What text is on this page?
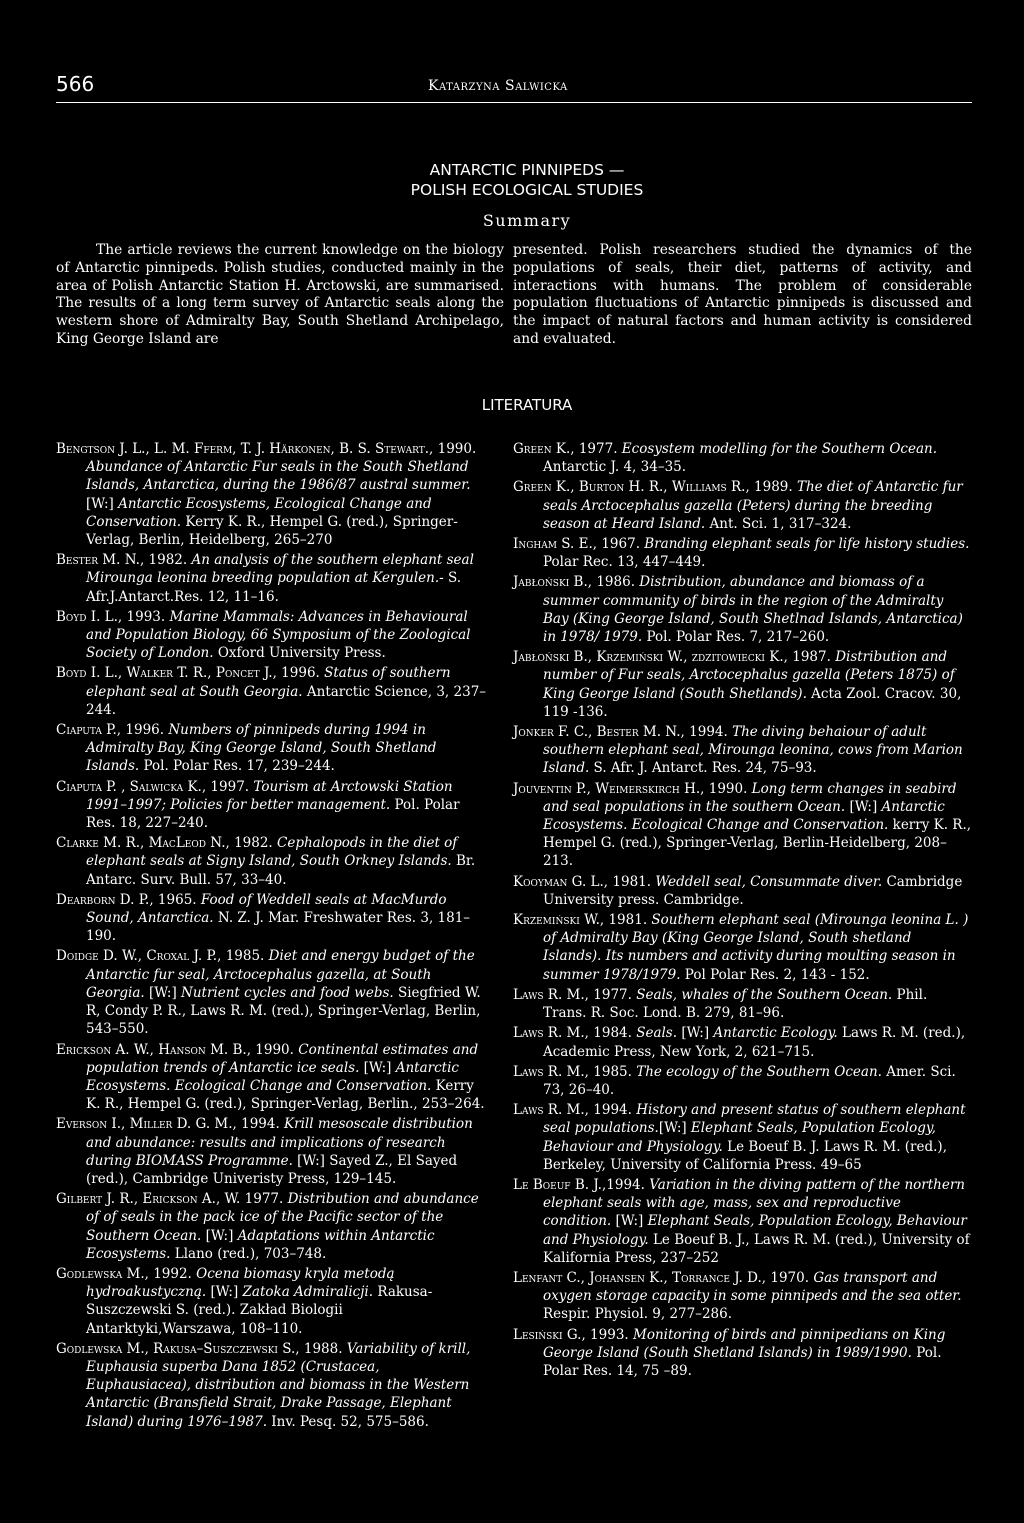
566	Katarzyna Salwicka
ANTARCTIC PINNIPEDS —
POLISH ECOLOGICAL STUDIES
Summary
The article reviews the current knowledge on the biology of Antarctic pinnipeds. Polish studies, conducted mainly in the area of Polish Antarctic Station H. Arctowski, are summarised. The results of a long term survey of Antarctic seals along the western shore of Admiralty Bay, South Shetland Archipelago, King George Island are
presented. Polish researchers studied the dynamics of the populations of seals, their diet, patterns of activity, and interactions with humans. The problem of considerable population fluctuations of Antarctic pinnipeds is discussed and the impact of natural factors and human activity is considered and evaluated.
LITERATURA
Bengtson J. L., L. M. Fferm, T. J. Härkonen, B. S. Stewart., 1990. Abundance of Antarctic Fur seals in the South Shetland Islands, Antarctica, during the 1986/87 austral summer. [W:] Antarctic Ecosystems, Ecological Change and Conservation. Kerry K. R., Hempel G. (red.), Springer-Verlag, Berlin, Heidelberg, 265–270
Bester M. N., 1982. An analysis of the southern elephant seal Mirounga leonina breeding population at Kergulen.- S. Afr.J.Antarct.Res. 12, 11–16.
Boyd I. L., 1993. Marine Mammals: Advances in Behavioural and Population Biology, 66 Symposium of the Zoological Society of London. Oxford University Press.
Boyd I. L., Walker T. R., Poncet J., 1996. Status of southern elephant seal at South Georgia. Antarctic Science, 3, 237–244.
Ciaputa P., 1996. Numbers of pinnipeds during 1994 in Admiralty Bay, King George Island, South Shetland Islands. Pol. Polar Res. 17, 239–244.
Ciaputa P. , Salwicka K., 1997. Tourism at Arctowski Station 1991–1997; Policies for better management. Pol. Polar Res. 18, 227–240.
Clarke M. R., MacLeod N., 1982. Cephalopods in the diet of elephant seals at Signy Island, South Orkney Islands. Br. Antarc. Surv. Bull. 57, 33–40.
Dearborn D. P., 1965. Food of Weddell seals at MacMurdo Sound, Antarctica. N. Z. J. Mar. Freshwater Res. 3, 181–190.
Doidge D. W., Croxal J. P., 1985. Diet and energy budget of the Antarctic fur seal, Arctocephalus gazella, at South Georgia. [W:] Nutrient cycles and food webs. Siegfried W. R, Condy P. R., Laws R. M. (red.), Springer-Verlag, Berlin, 543–550.
Erickson A. W., Hanson M. B., 1990. Continental estimates and population trends of Antarctic ice seals. [W:] Antarctic Ecosystems. Ecological Change and Conservation. Kerry K. R., Hempel G. (red.), Springer-Verlag, Berlin., 253–264.
Everson I., Miller D. G. M., 1994. Krill mesoscale distribution and abundance: results and implications of research during BIOMASS Programme. [W:] Sayed Z., El Sayed (red.), Cambridge Univeristy Press, 129–145.
Gilbert J. R., Erickson A., W. 1977. Distribution and abundance of of seals in the pack ice of the Pacific sector of the Southern Ocean. [W:] Adaptations within Antarctic Ecosystems. Llano (red.), 703–748.
Godlewska M., 1992. Ocena biomasy kryla metodą hydroakustyczną. [W:] Zatoka Admiralicji. Rakusa-Suszczewski S. (red.). Zakład Biologii Antarktyki,Warszawa, 108–110.
Godlewska M., Rakusa–Suszczewski S., 1988. Variability of krill, Euphausia superba Dana 1852 (Crustacea, Euphausiacea), distribution and biomass in the Western Antarctic (Bransfield Strait, Drake Passage, Elephant Island) during 1976–1987. Inv. Pesq. 52, 575–586.
Green K., 1977. Ecosystem modelling for the Southern Ocean. Antarctic J. 4, 34–35.
Green K., Burton H. R., Williams R., 1989. The diet of Antarctic fur seals Arctocephalus gazella (Peters) during the breeding season at Heard Island. Ant. Sci. 1, 317–324.
Ingham S. E., 1967. Branding elephant seals for life history studies. Polar Rec. 13, 447–449.
Jabłoński B., 1986. Distribution, abundance and biomass of a summer community of birds in the region of the Admiralty Bay (King George Island, South Shetlnad Islands, Antarctica) in 1978/ 1979. Pol. Polar Res. 7, 217–260.
Jabłoński B., Krzemiński W., zdzitowiecki K., 1987. Distribution and number of Fur seals, Arctocephalus gazella (Peters 1875) of King George Island (South Shetlands). Acta Zool. Cracov. 30, 119 -136.
Jonker F. C., Bester M. N., 1994. The diving behaiour of adult southern elephant seal, Mirounga leonina, cows from Marion Island. S. Afr. J. Antarct. Res. 24, 75–93.
Jouventin P., Weimerskirch H., 1990. Long term changes in seabird and seal populations in the southern Ocean. [W:] Antarctic Ecosystems. Ecological Change and Conservation. kerry K. R., Hempel G. (red.), Springer-Verlag, Berlin-Heidelberg, 208–213.
Kooyman G. L., 1981. Weddell seal, Consummate diver. Cambridge University press. Cambridge.
Krzemiński W., 1981. Southern elephant seal (Mirounga leonina L. ) of Admiralty Bay (King George Island, South shetland Islands). Its numbers and activity during moulting season in summer 1978/1979. Pol Polar Res. 2, 143 - 152.
Laws R. M., 1977. Seals, whales of the Southern Ocean. Phil. Trans. R. Soc. Lond. B. 279, 81–96.
Laws R. M., 1984. Seals. [W:] Antarctic Ecology. Laws R. M. (red.), Academic Press, New York, 2, 621–715.
Laws R. M., 1985. The ecology of the Southern Ocean. Amer. Sci. 73, 26–40.
Laws R. M., 1994. History and present status of southern elephant seal populations.[W:] Elephant Seals, Population Ecology, Behaviour and Physiology. Le Boeuf B. J. Laws R. M. (red.), Berkeley, University of California Press. 49–65
Le Boeuf B. J.,1994. Variation in the diving pattern of the northern elephant seals with age, mass, sex and reproductive condition. [W:] Elephant Seals, Population Ecology, Behaviour and Physiology. Le Boeuf B. J., Laws R. M. (red.), University of Kalifornia Press, 237–252
Lenfant C., Johansen K., Torrance J. D., 1970. Gas transport and oxygen storage capacity in some pinnipeds and the sea otter. Respir. Physiol. 9, 277–286.
Lesiński G., 1993. Monitoring of birds and pinnipedians on King George Island (South Shetland Islands) in 1989/1990. Pol. Polar Res. 14, 75 –89.
